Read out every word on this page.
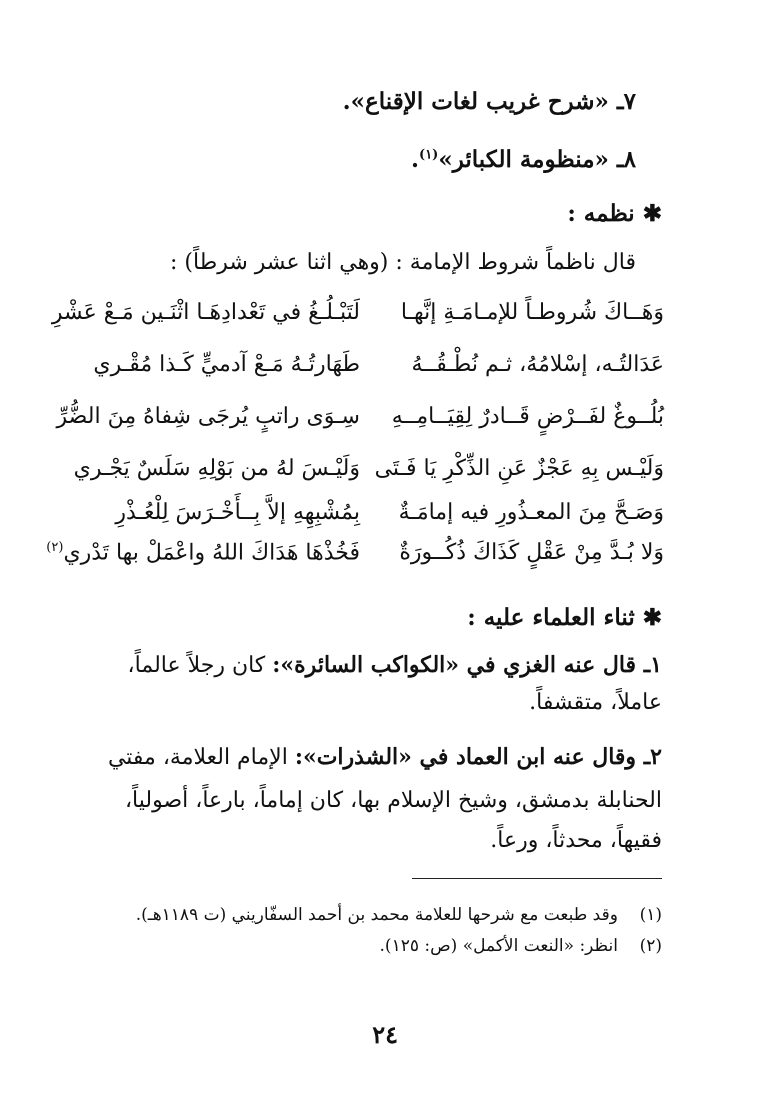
٧ـ «شرح غريب لغات الإقناع».
٨ـ «منظومة الكبائر»$^{(١)}$.
✱ نظمه :
قال ناظماً شروط الإمامة : (وهي اثنا عشر شرطاً) :
وَهَــاكَ شُروطـاً للإمـامَـةِ إنَّهـا
لَتَبْـلُـغُ في تَعْدادِهَـا اثْنَـين مَـعْ عَشْرِ
عَدَالتُـه، إسْلامُهُ، ثـم نُطْـقُــهُ
طَهَارتُـهُ مَـعْ آدميٍّ كَـذا مُقْـري
بُلُــوغٌ لفَــرْضٍ قَــادرٌ لِقِيَــامِــهِ
سِـوَى راتبٍ يُرجَى شِفاهُ مِنَ الضُّرِّ
وَلَيْـس بِهِ عَجْزٌ عَنِ الذِّكْرِ يَا فَـتَى
وَلَيْـسَ لهُ من بَوْلِهِ سَلَسٌ يَجْـري
وَصَـحَّ مِنَ المعـذُورِ فيه إمامَـةٌ
بِمُشْبِهِهِ إلاَّ بِــأَخْـرَسَ لِلْعُـذْرِ
وَلا بُـدَّ مِنْ عَقْلٍ كَذَاكَ ذُكُــورَةٌ
فَخُذْهَا هَدَاكَ اللهُ واعْمَلْ بها تَدْري$^{(٢)}$
✱ ثناء العلماء عليه :
١ـ قال عنه الغزي في «الكواكب السائرة»: كان رجلاً عالماً،
عاملاً، متقشفاً.
٢ـ وقال عنه ابن العماد في «الشذرات»: الإمام العلامة، مفتي
الحنابلة بدمشق، وشيخ الإسلام بها، كان إماماً، بارعاً، أصولياً،
فقيهاً، محدثاً، ورعاً.
(١)    وقد طبعت مع شرحها للعلامة محمد بن أحمد السفّاريني (ت ١١٨٩هـ).
(٢)    انظر: «النعت الأكمل» (ص: ١٢٥).
٢٤
